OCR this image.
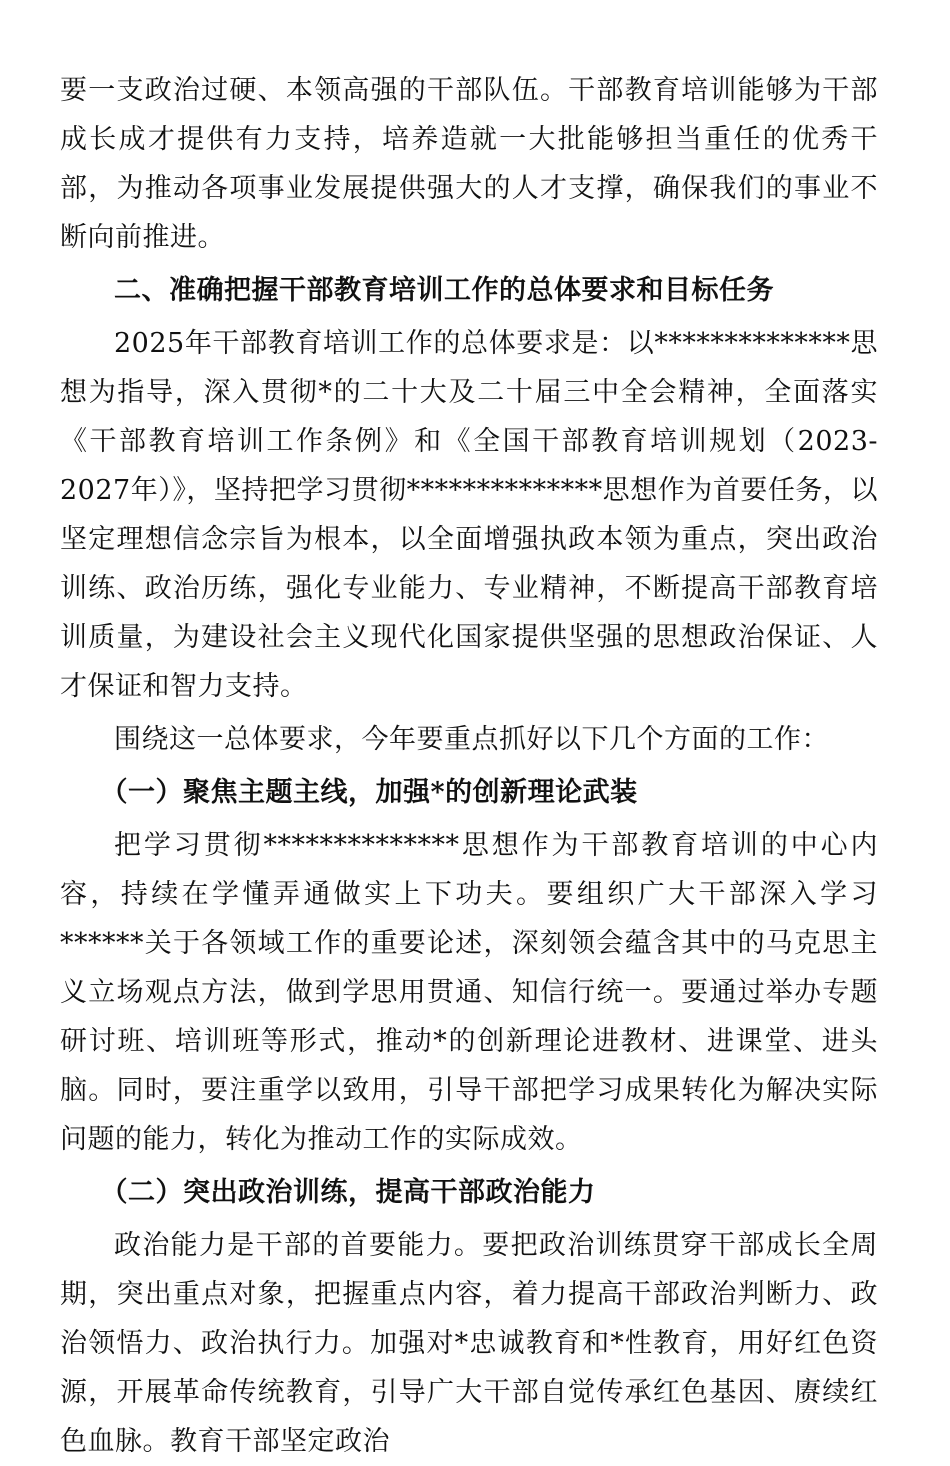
要一支政治过硬、本领高强的干部队伍。干部教育培训能够为干部成长成才提供有力支持，培养造就一大批能够担当重任的优秀干部，为推动各项事业发展提供强大的人才支撑，确保我们的事业不断向前推进。

二、准确把握干部教育培训工作的总体要求和目标任务

2025年干部教育培训工作的总体要求是：以**************思想为指导，深入贯彻*的二十大及二十届三中全会精神，全面落实《干部教育培训工作条例》和《全国干部教育培训规划（2023-2027年）》，坚持把学习贯彻**************思想作为首要任务，以坚定理想信念宗旨为根本，以全面增强执政本领为重点，突出政治训练、政治历练，强化专业能力、专业精神，不断提高干部教育培训质量，为建设社会主义现代化国家提供坚强的思想政治保证、人才保证和智力支持。

围绕这一总体要求，今年要重点抓好以下几个方面的工作：

（一）聚焦主题主线，加强*的创新理论武装

把学习贯彻**************思想作为干部教育培训的中心内容，持续在学懂弄通做实上下功夫。要组织广大干部深入学习******关于各领域工作的重要论述，深刻领会蕴含其中的马克思主义立场观点方法，做到学思用贯通、知信行统一。要通过举办专题研讨班、培训班等形式，推动*的创新理论进教材、进课堂、进头脑。同时，要注重学以致用，引导干部把学习成果转化为解决实际问题的能力，转化为推动工作的实际成效。

（二）突出政治训练，提高干部政治能力

政治能力是干部的首要能力。要把政治训练贯穿干部成长全周期，突出重点对象，把握重点内容，着力提高干部政治判断力、政治领悟力、政治执行力。加强对*忠诚教育和*性教育，用好红色资源，开展革命传统教育，引导广大干部自觉传承红色基因、赓续红色血脉。教育干部坚定政治
